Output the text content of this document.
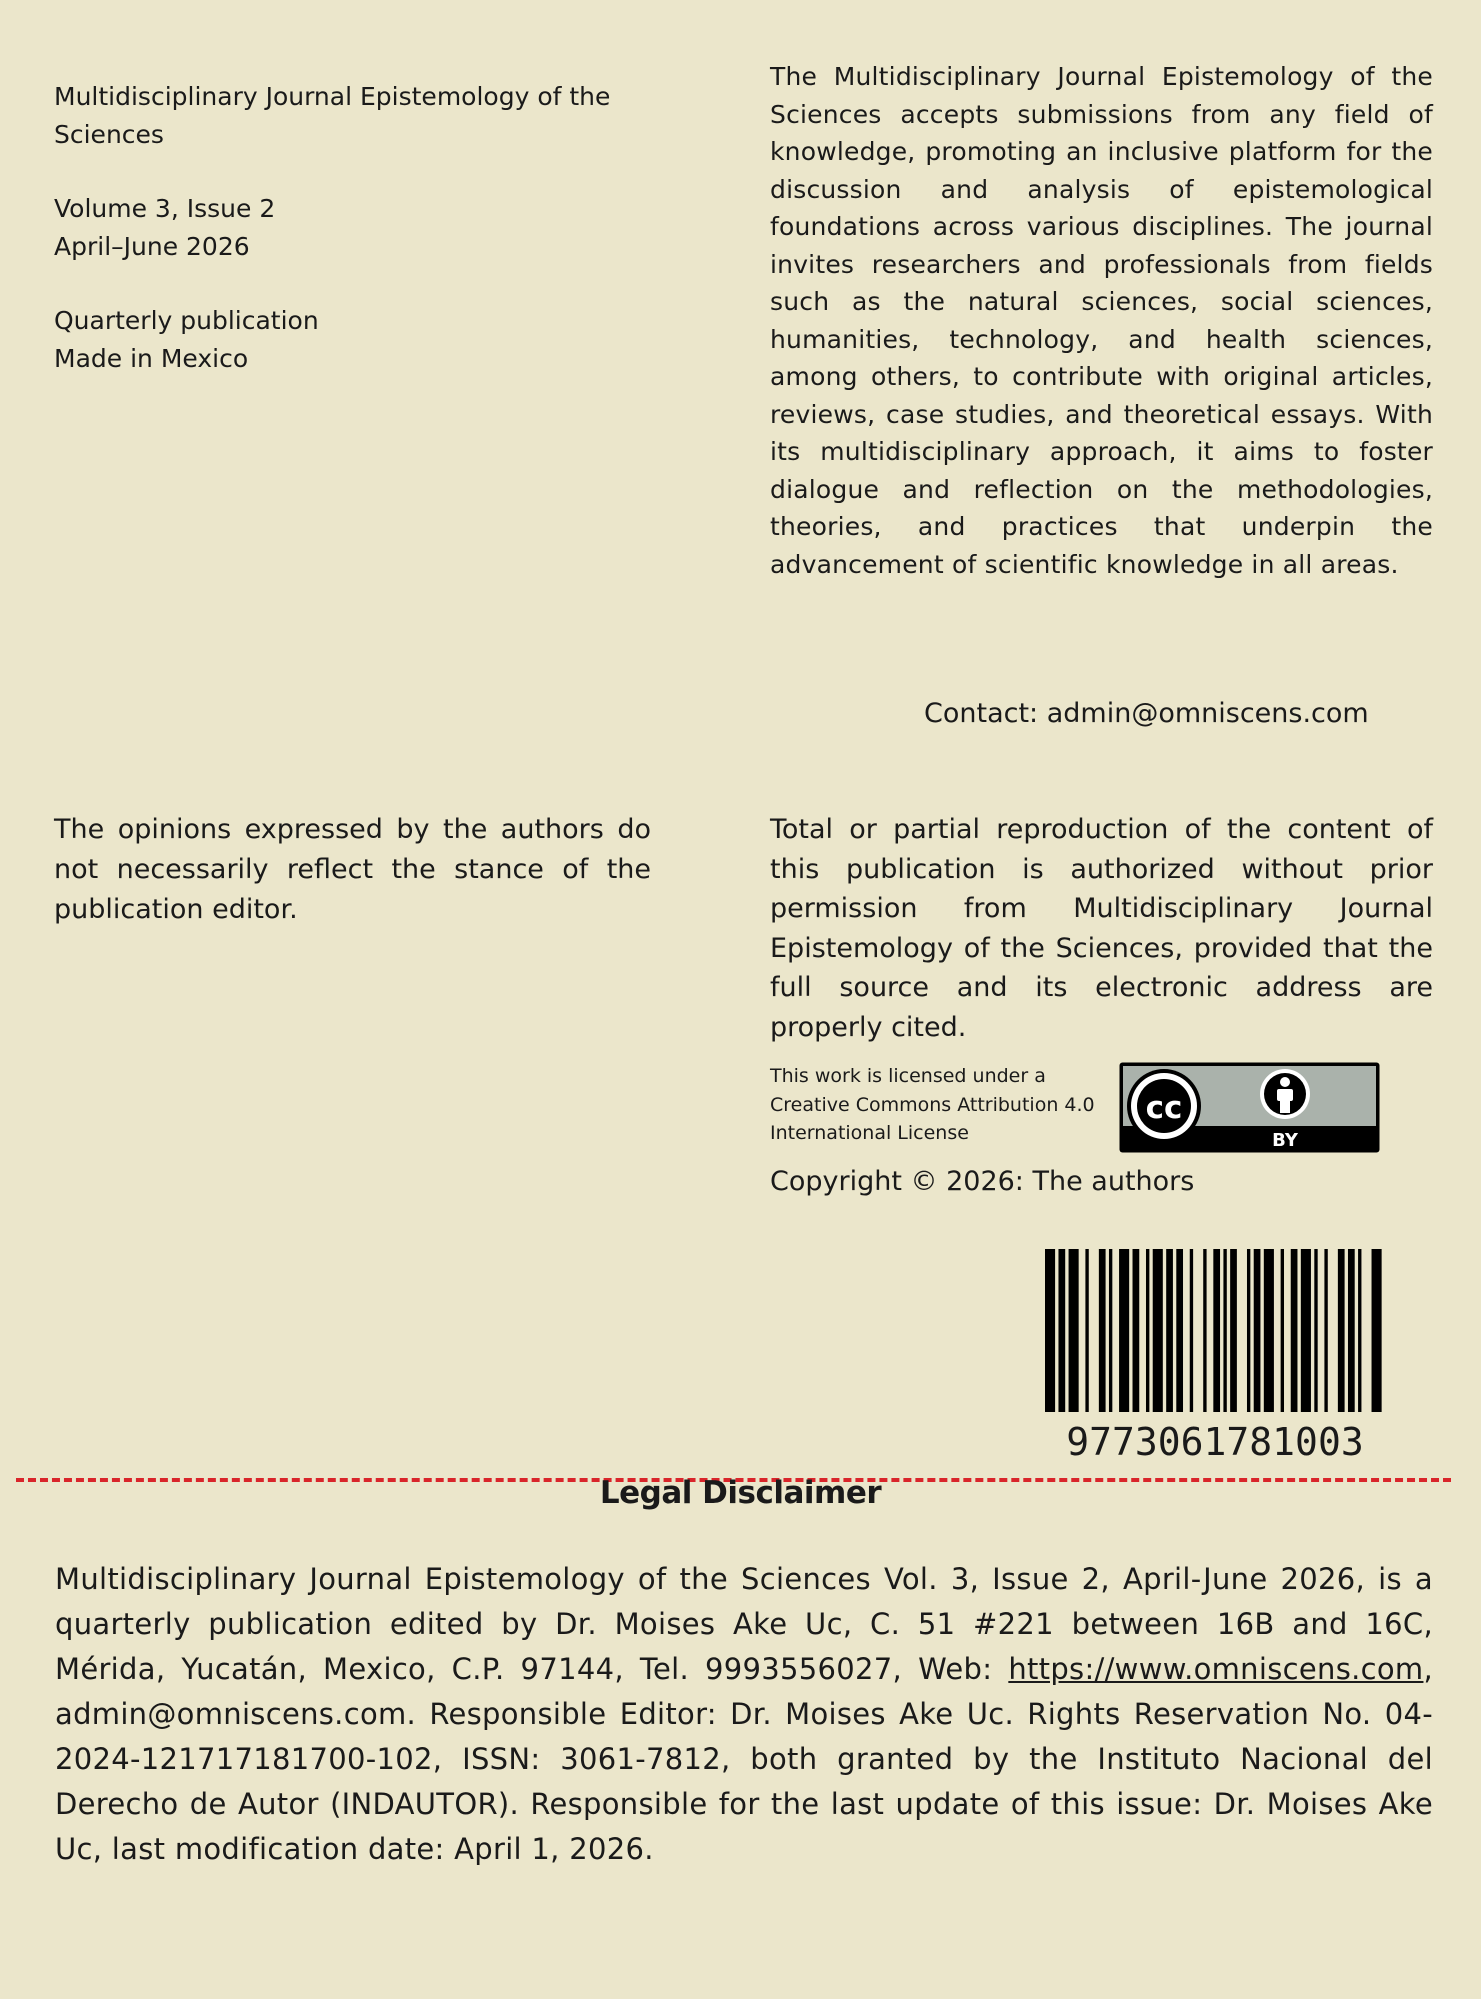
Multidisciplinary Journal Epistemology of the Sciences

Volume 3, Issue 2
April–June 2026

Quarterly publication
Made in Mexico

The Multidisciplinary Journal Epistemology of the Sciences accepts submissions from any field of knowledge, promoting an inclusive platform for the discussion and analysis of epistemological foundations across various disciplines. The journal invites researchers and professionals from fields such as the natural sciences, social sciences, humanities, technology, and health sciences, among others, to contribute with original articles, reviews, case studies, and theoretical essays. With its multidisciplinary approach, it aims to foster dialogue and reflection on the methodologies, theories, and practices that underpin the advancement of scientific knowledge in all areas.
Contact: admin@omniscens.com
The opinions expressed by the authors do not necessarily reflect the stance of the publication editor.
Total or partial reproduction of the content of this publication is authorized without prior permission from Multidisciplinary Journal Epistemology of the Sciences, provided that the full source and its electronic address are properly cited.
This work is licensed under a Creative Commons Attribution 4.0 International License
cc
BY
Copyright © 2026: The authors
9773061781003
Legal Disclaimer
Multidisciplinary Journal Epistemology of the Sciences Vol. 3, Issue 2, April-June 2026, is a quarterly publication edited by Dr. Moises Ake Uc, C. 51 #221 between 16B and 16C, Mérida, Yucatán, Mexico, C.P. 97144, Tel. 9993556027, Web: https://www.omniscens.com, admin@omniscens.com. Responsible Editor: Dr. Moises Ake Uc. Rights Reservation No. 04-2024-121717181700-102, ISSN: 3061-7812, both granted by the Instituto Nacional del Derecho de Autor (INDAUTOR). Responsible for the last update of this issue: Dr. Moises Ake Uc, last modification date: April 1, 2026.
